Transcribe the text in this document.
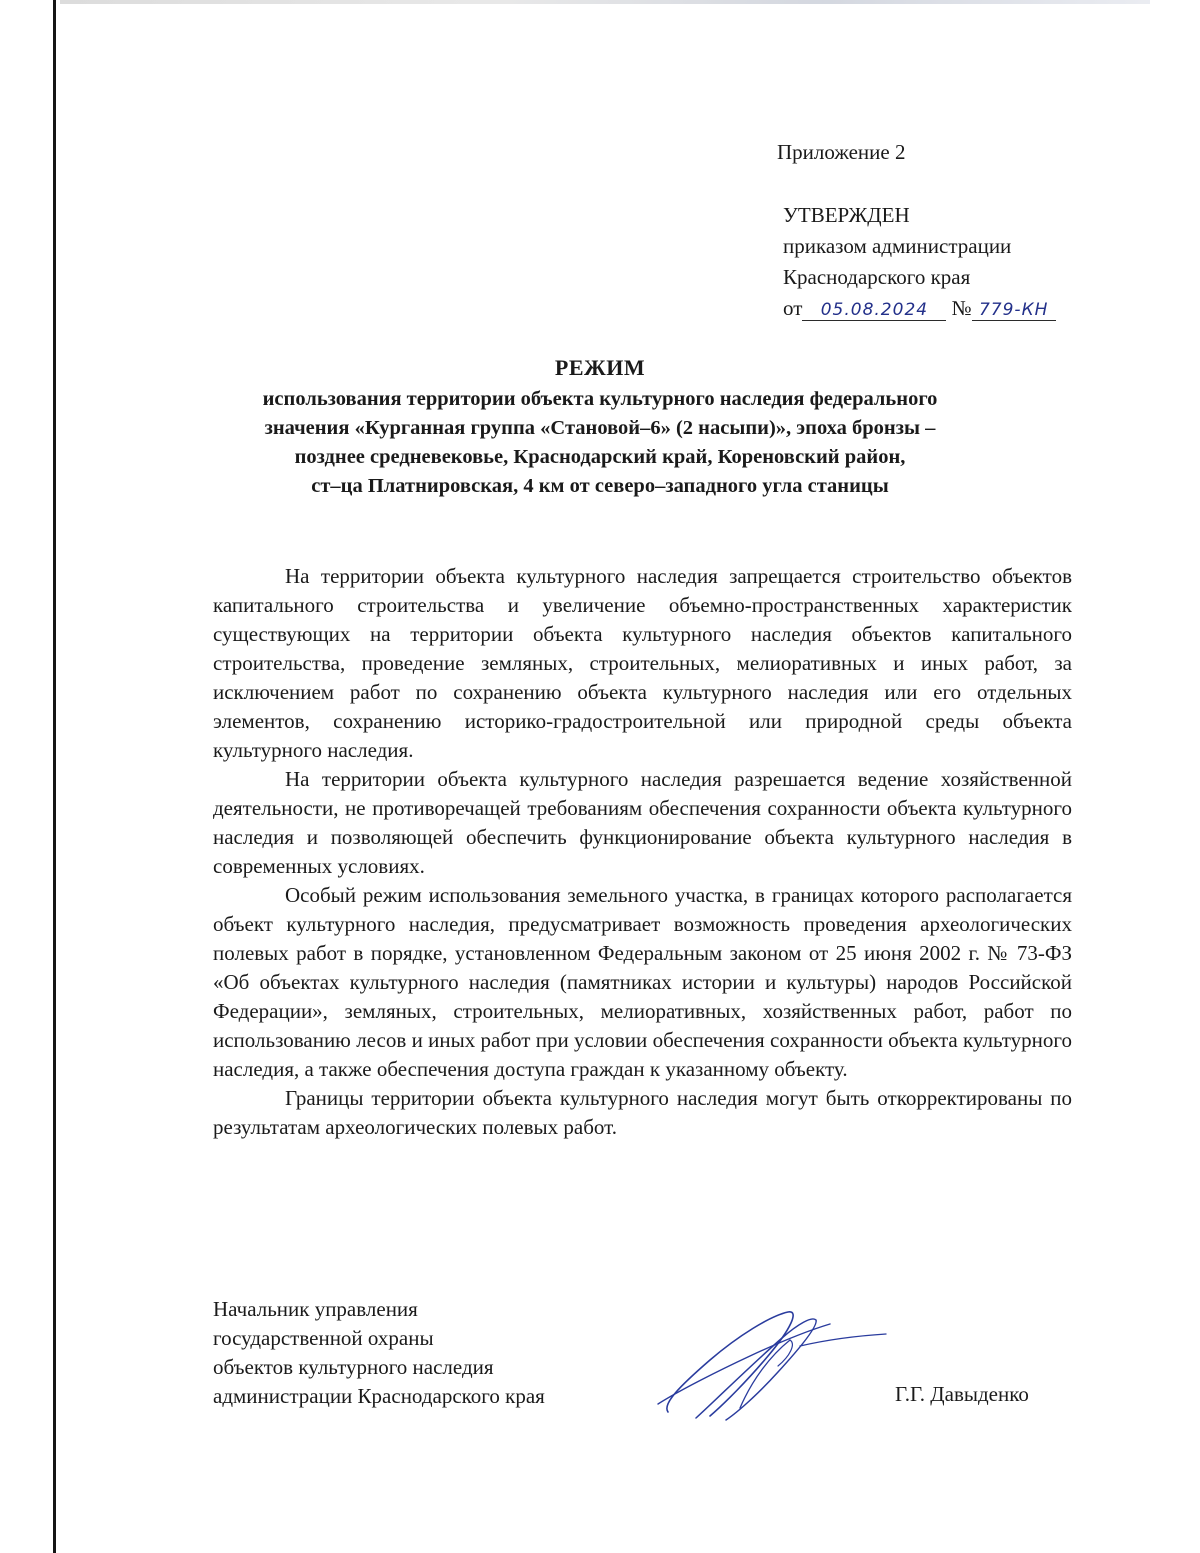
Приложение 2
УТВЕРЖДЕН
приказом администрации
Краснодарского края
от 05.08.2024 № 779-КН
РЕЖИМ
использования территории объекта культурного наследия федерального
значения «Курганная группа «Становой–6» (2 насыпи)», эпоха бронзы –
позднее средневековье, Краснодарский край, Кореновский район,
ст–ца Платнировская, 4 км от северо–западного угла станицы

На территории объекта культурного наследия запрещается строительство объектов капитального строительства и увеличение объемно-пространственных характеристик существующих на территории объекта культурного наследия объектов капитального строительства, проведение земляных, строительных, мелиоративных и иных работ, за исключением работ по сохранению объекта культурного наследия или его отдельных элементов, сохранению историко-градостроительной или природной среды объекта культурного наследия.

На территории объекта культурного наследия разрешается ведение хозяйственной деятельности, не противоречащей требованиям обеспечения сохранности объекта культурного наследия и позволяющей обеспечить функционирование объекта культурного наследия в современных условиях.

Особый режим использования земельного участка, в границах которого располагается объект культурного наследия, предусматривает возможность проведения археологических полевых работ в порядке, установленном Федеральным законом от 25 июня 2002 г. № 73-ФЗ «Об объектах культурного наследия (памятниках истории и культуры) народов Российской Федерации», земляных, строительных, мелиоративных, хозяйственных работ, работ по использованию лесов и иных работ при условии обеспечения сохранности объекта культурного наследия, а также обеспечения доступа граждан к указанному объекту.

Границы территории объекта культурного наследия могут быть откорректированы по результатам археологических полевых работ.

Начальник управления
государственной охраны
объектов культурного наследия
администрации Краснодарского края	Г.Г. Давыденко
